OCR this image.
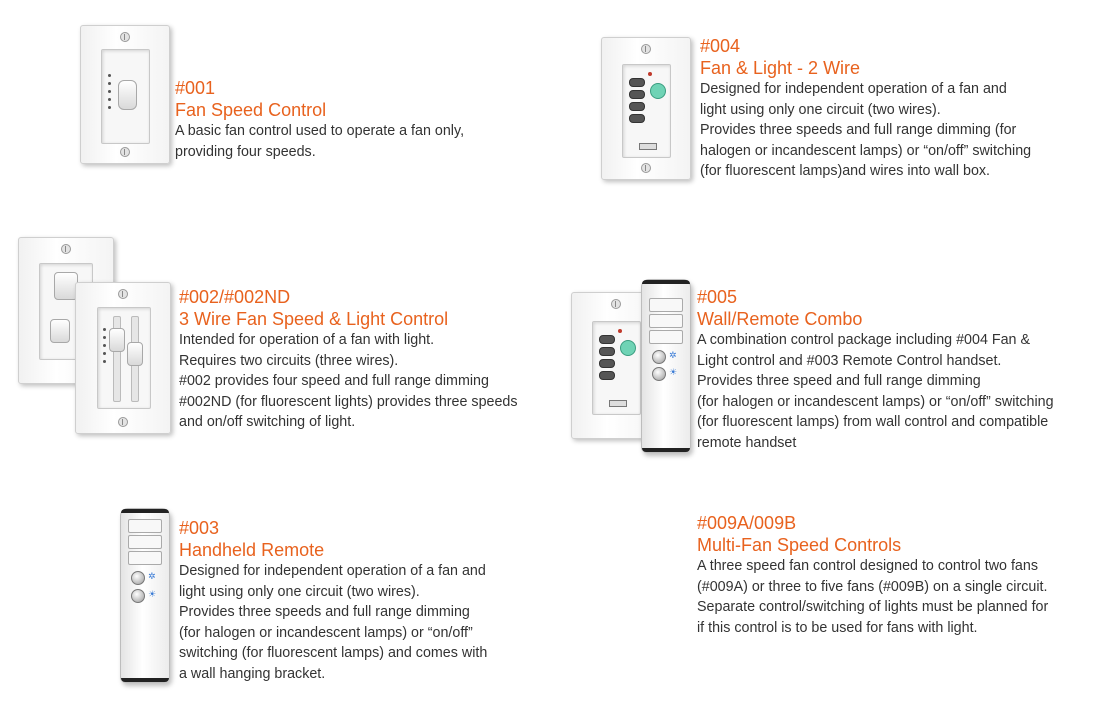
✲
☀
✲
☀
#001
Fan Speed Control
A basic fan control used to operate a fan only,
providing four speeds.
#004
Fan & Light - 2 Wire
Designed for independent operation of a fan and
light using only one circuit (two wires).
Provides three speeds and full range dimming (for
halogen or incandescent lamps) or “on/off” switching
(for fluorescent lamps)and wires into wall box.
#002/#002ND
3 Wire Fan Speed & Light Control
Intended for operation of a fan with light.
Requires two circuits (three wires).
#002 provides four speed and full range dimming
#002ND (for fluorescent lights) provides three speeds
and on/off switching of light.
#005
Wall/Remote Combo
A combination control package including #004 Fan &
Light control and #003 Remote Control handset.
Provides three speed and full range dimming
(for halogen or incandescent lamps) or “on/off” switching
(for fluorescent lamps) from wall control and compatible
remote handset
#003
Handheld Remote
Designed for independent operation of a fan and
light using only one circuit (two wires).
Provides three speeds and full range dimming
(for halogen or incandescent lamps) or “on/off”
switching (for fluorescent lamps) and comes with
a wall hanging bracket.
#009A/009B
Multi-Fan Speed Controls
A three speed fan control designed to control two fans
(#009A) or three to five fans (#009B) on a single circuit.
Separate control/switching of lights must be planned for
if this control is to be used for fans with light.
